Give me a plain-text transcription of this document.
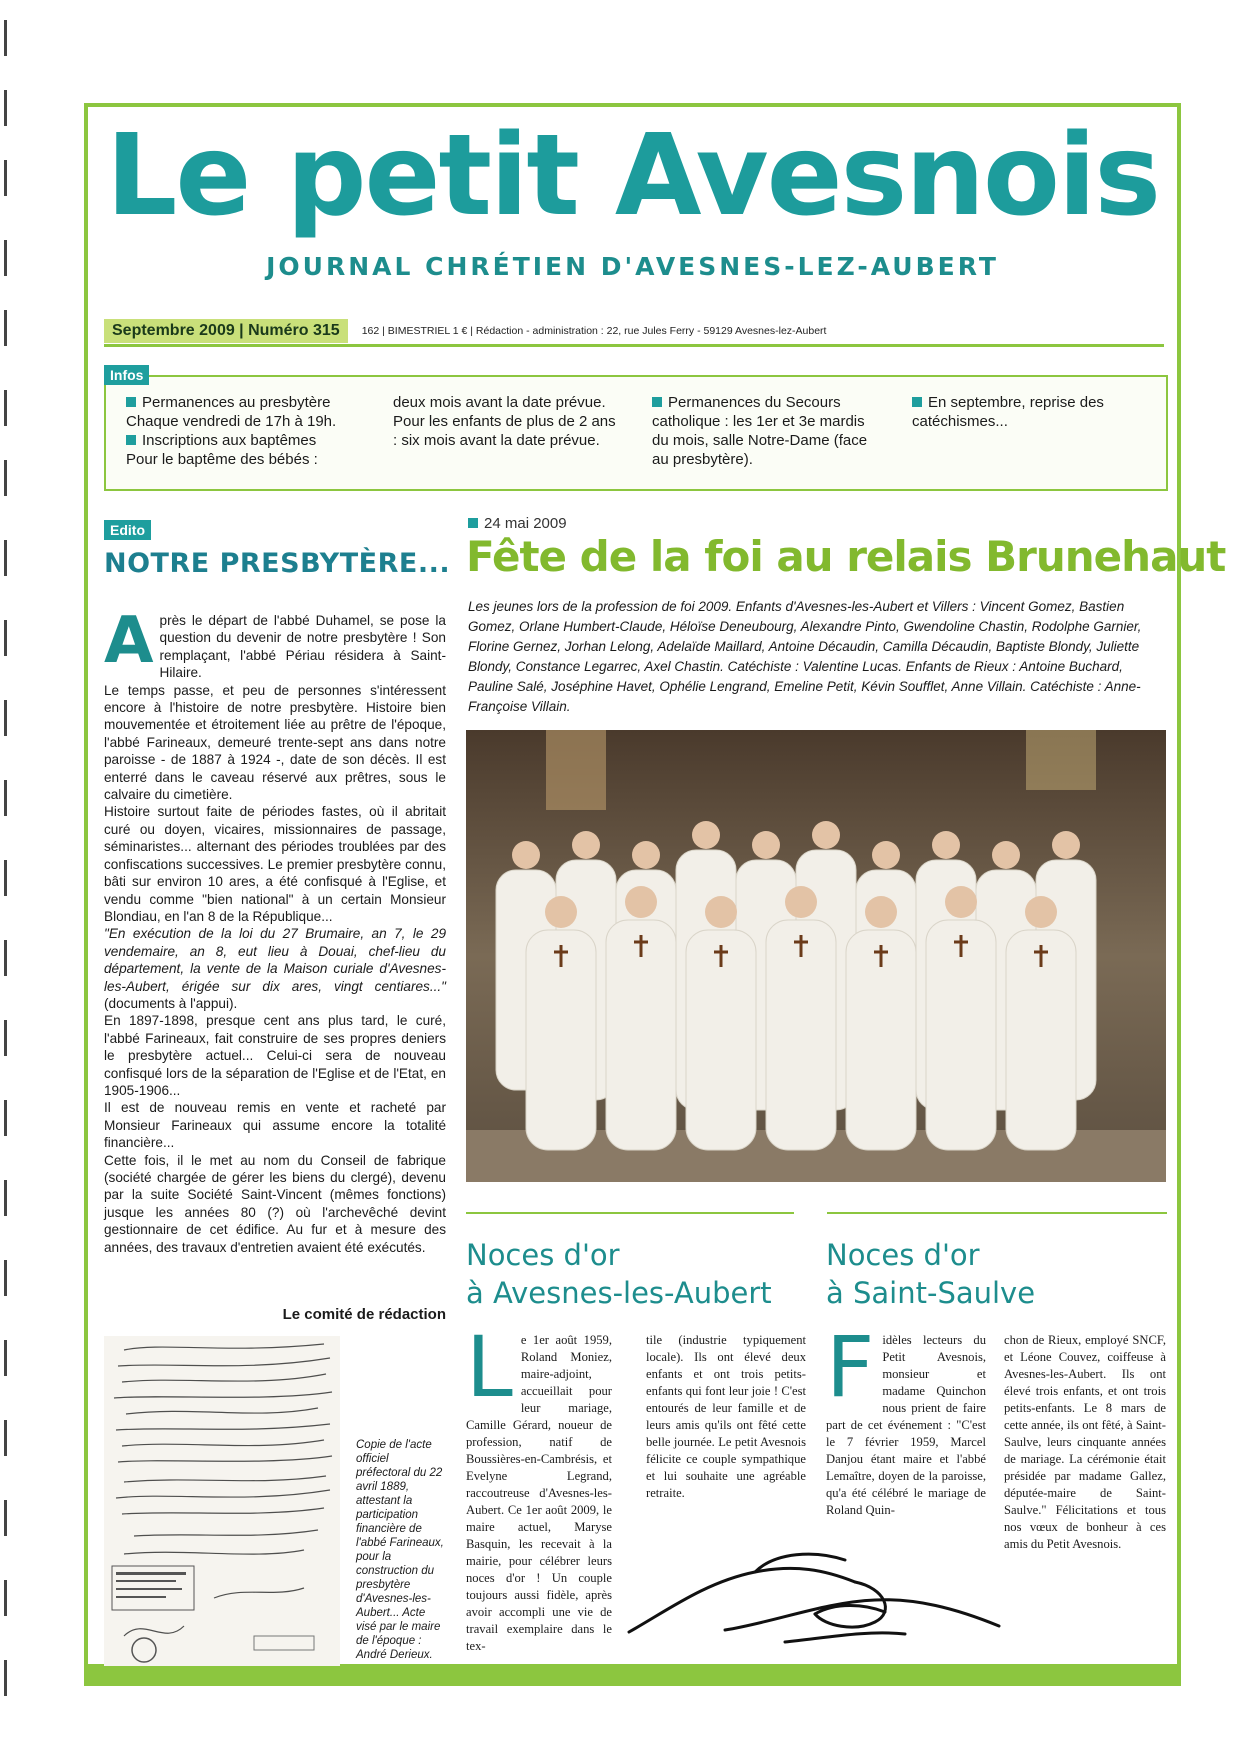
Le petit Avesnois
JOURNAL CHRÉTIEN D'AVESNES-LEZ-AUBERT
Septembre 2009 | Numéro 315	162 | BIMESTRIEL 1 € | Rédaction - administration : 22, rue Jules Ferry - 59129 Avesnes-lez-Aubert
Infos
Permanences au presbytère
Chaque vendredi de 17h à 19h.
Inscriptions aux baptêmes
Pour le baptême des bébés :
deux mois avant la date prévue. Pour les enfants de plus de 2 ans : six mois avant la date prévue.
Permanences du Secours catholique : les 1er et 3e mardis du mois, salle Notre-Dame (face au presbytère).
En septembre, reprise des catéchismes...
Edito
NOTRE PRESBYTÈRE...

Après le départ de l'abbé Duhamel, se pose la question du devenir de notre presbytère ! Son remplaçant, l'abbé Périau résidera à Saint-Hilaire.

Le temps passe, et peu de personnes s'intéressent encore à l'histoire de notre presbytère. Histoire bien mouvementée et étroitement liée au prêtre de l'époque, l'abbé Farineaux, demeuré trente-sept ans dans notre paroisse - de 1887 à 1924 -, date de son décès. Il est enterré dans le caveau réservé aux prêtres, sous le calvaire du cimetière.

Histoire surtout faite de périodes fastes, où il abritait curé ou doyen, vicaires, missionnaires de passage, séminaristes... alternant des périodes troublées par des confiscations successives. Le premier presbytère connu, bâti sur environ 10 ares, a été confisqué à l'Eglise, et vendu comme "bien national" à un certain Monsieur Blondiau, en l'an 8 de la République...

"En exécution de la loi du 27 Brumaire, an 7, le 29 vendemaire, an 8, eut lieu à Douai, chef-lieu du département, la vente de la Maison curiale d'Avesnes-les-Aubert, érigée sur dix ares, vingt centiares..." (documents à l'appui).

En 1897-1898, presque cent ans plus tard, le curé, l'abbé Farineaux, fait construire de ses propres deniers le presbytère actuel... Celui-ci sera de nouveau confisqué lors de la séparation de l'Eglise et de l'Etat, en 1905-1906...

Il est de nouveau remis en vente et racheté par Monsieur Farineaux qui assume encore la totalité financière...

Cette fois, il le met au nom du Conseil de fabrique (société chargée de gérer les biens du clergé), devenu par la suite Société Saint-Vincent (mêmes fonctions) jusque les années 80 (?) où l'archevêché devint gestionnaire de cet édifice. Au fur et à mesure des années, des travaux d'entretien avaient été exécutés.

Le comité de rédaction
Copie de l'acte officiel préfectoral du 22 avril 1889, attestant la participation financière de l'abbé Farineaux, pour la construction du presbytère d'Avesnes-les-Aubert... Acte visé par le maire de l'époque : André Derieux.
24 mai 2009
Fête de la foi au relais Brunehaut
Les jeunes lors de la profession de foi 2009. Enfants d'Avesnes-les-Aubert et Villers : Vincent Gomez, Bastien Gomez, Orlane Humbert-Claude, Héloïse Deneubourg, Alexandre Pinto, Gwendoline Chastin, Rodolphe Garnier, Florine Gernez, Jorhan Lelong, Adelaïde Maillard, Antoine Décaudin, Camilla Décaudin, Baptiste Blondy, Juliette Blondy, Constance Legarrec, Axel Chastin. Catéchiste : Valentine Lucas. Enfants de Rieux : Antoine Buchard, Pauline Salé, Joséphine Havet, Ophélie Lengrand, Emeline Petit, Kévin Soufflet, Anne Villain. Catéchiste : Anne-Françoise Villain.
Noces d'or
à Avesnes-les-Aubert

Le 1er août 1959, Roland Moniez, maire-adjoint, accueillait pour leur mariage, Camille Gérard, noueur de profession, natif de Boussières-en-Cambrésis, et Evelyne Legrand, raccoutreuse d'Avesnes-les-Aubert. Ce 1er août 2009, le maire actuel, Maryse Basquin, les recevait à la mairie, pour célébrer leurs noces d'or ! Un couple toujours aussi fidèle, après avoir accompli une vie de travail exemplaire dans le tex-

tile (industrie typiquement locale). Ils ont élevé deux enfants et ont trois petits-enfants qui font leur joie ! C'est entourés de leur famille et de leurs amis qu'ils ont fêté cette belle journée. Le petit Avesnois félicite ce couple sympathique et lui souhaite une agréable retraite.
Noces d'or
à Saint-Saulve

Fidèles lecteurs du Petit Avesnois, monsieur et madame Quinchon nous prient de faire part de cet événement : "C'est le 7 février 1959, Marcel Danjou étant maire et l'abbé Lemaître, doyen de la paroisse, qu'a été célébré le mariage de Roland Quin-

chon de Rieux, employé SNCF, et Léone Couvez, coiffeuse à Avesnes-les-Aubert. Ils ont élevé trois enfants, et ont trois petits-enfants. Le 8 mars de cette année, ils ont fêté, à Saint-Saulve, leurs cinquante années de mariage. La cérémonie était présidée par madame Gallez, députée-maire de Saint-Saulve." Félicitations et tous nos vœux de bonheur à ces amis du Petit Avesnois.
